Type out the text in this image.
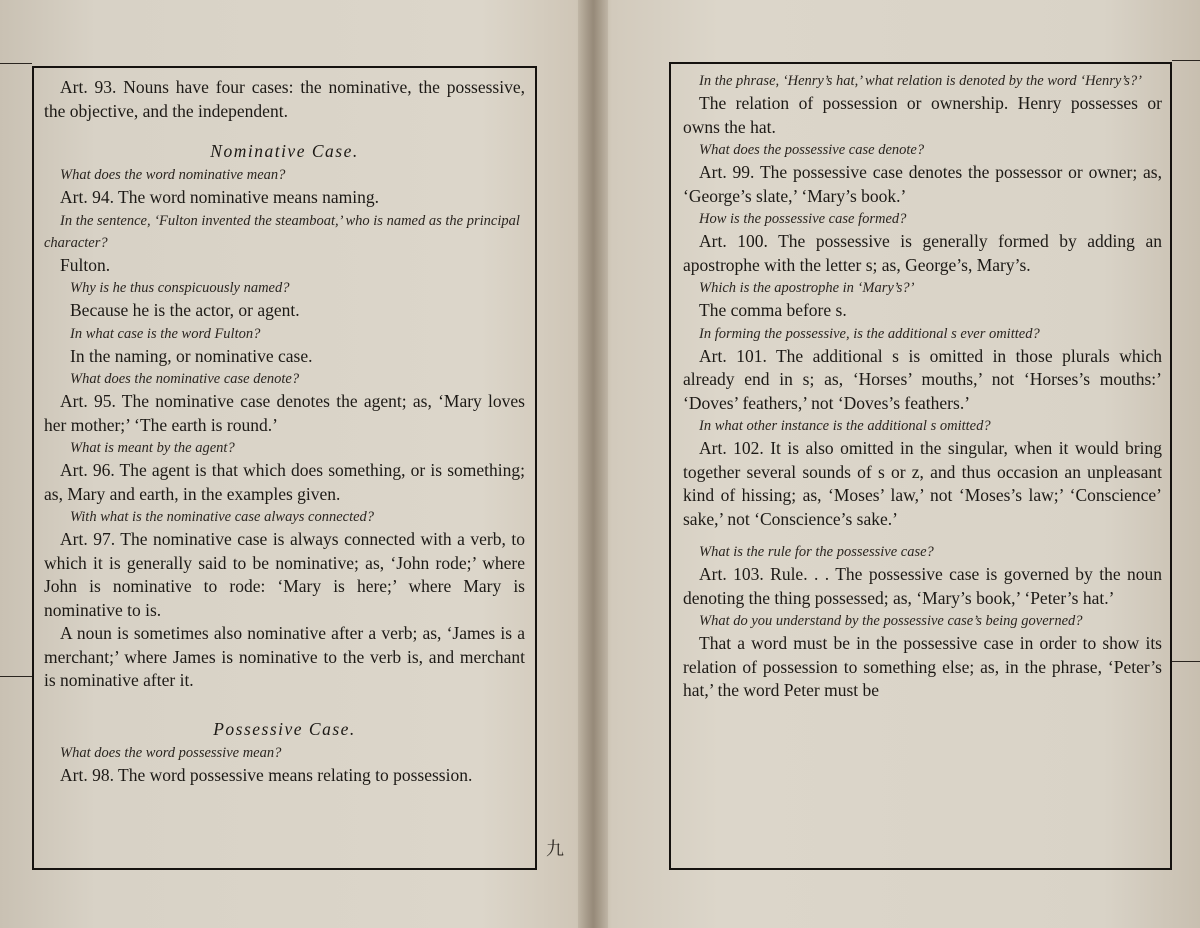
Art. 93. Nouns have four cases: the nominative, the possessive, the objective, and the independent.

Nominative Case.

What does the word nominative mean?

Art. 94. The word nominative means naming.

In the sentence, ‘Fulton invented the steamboat,’ who is named as the principal character?

Fulton.

Why is he thus conspicuously named?

Because he is the actor, or agent.

In what case is the word Fulton?

In the naming, or nominative case.

What does the nominative case denote?

Art. 95. The nominative case denotes the agent; as, ‘Mary loves her mother;’ ‘The earth is round.’

What is meant by the agent?

Art. 96. The agent is that which does something, or is something; as, Mary and earth, in the examples given.

With what is the nominative case always connected?

Art. 97. The nominative case is always connected with a verb, to which it is generally said to be nominative; as, ‘John rode;’ where John is nominative to rode: ‘Mary is here;’ where Mary is nominative to is.

A noun is sometimes also nominative after a verb; as, ‘James is a merchant;’ where James is nominative to the verb is, and merchant is nominative after it.

Possessive Case.

What does the word possessive mean?

Art. 98. The word possessive means relating to possession.

九

In the phrase, ‘Henry’s hat,’ what relation is denoted by the word ‘Henry’s?’

The relation of possession or ownership. Henry possesses or owns the hat.

What does the possessive case denote?

Art. 99. The possessive case denotes the possessor or owner; as, ‘George’s slate,’ ‘Mary’s book.’

How is the possessive case formed?

Art. 100. The possessive is generally formed by adding an apostrophe with the letter s; as, George’s, Mary’s.

Which is the apostrophe in ‘Mary’s?’

The comma before s.

In forming the possessive, is the additional s ever omitted?

Art. 101. The additional s is omitted in those plurals which already end in s; as, ‘Horses’ mouths,’ not ‘Horses’s mouths:’ ‘Doves’ feathers,’ not ‘Doves’s feathers.’

In what other instance is the additional s omitted?

Art. 102. It is also omitted in the singular, when it would bring together several sounds of s or z, and thus occasion an unpleasant kind of hissing; as, ‘Moses’ law,’ not ‘Moses’s law;’ ‘Conscience’ sake,’ not ‘Conscience’s sake.’

What is the rule for the possessive case?

Art. 103. Rule. . . The possessive case is governed by the noun denoting the thing possessed; as, ‘Mary’s book,’ ‘Peter’s hat.’

What do you understand by the possessive case’s being governed?

That a word must be in the possessive case in order to show its relation of possession to something else; as, in the phrase, ‘Peter’s hat,’ the word Peter must be
